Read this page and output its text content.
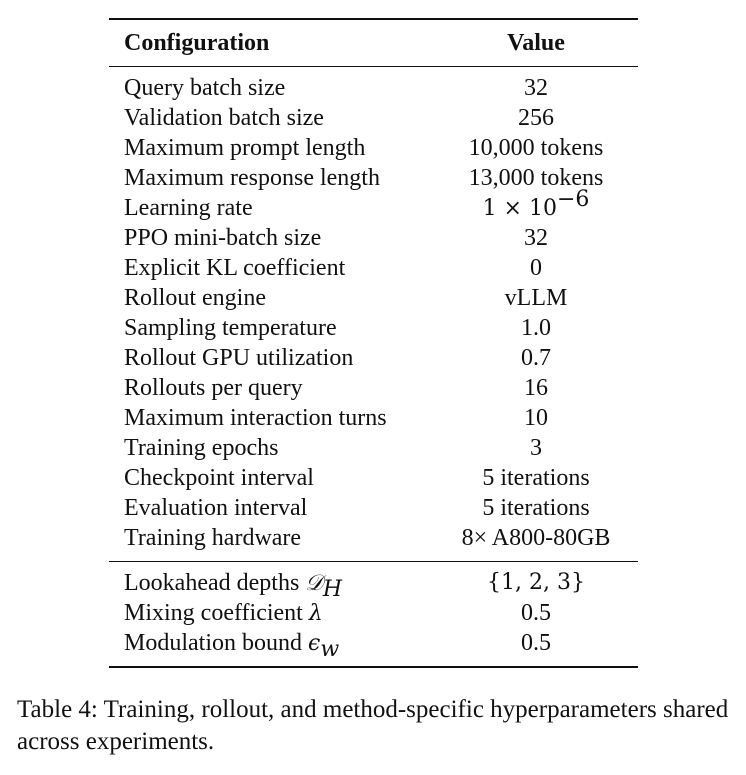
Configuration	Value
Query batch size	32
Validation batch size	256
Maximum prompt length	10,000 tokens
Maximum response length	13,000 tokens
Learning rate	$1 \times 10^{-6}$
PPO mini-batch size	32
Explicit KL coefficient	0
Rollout engine	vLLM
Sampling temperature	1.0
Rollout GPU utilization	0.7
Rollouts per query	16
Maximum interaction turns	10
Training epochs	3
Checkpoint interval	5 iterations
Evaluation interval	5 iterations
Training hardware	8× A800-80GB
Lookahead depths 𝒟$_H$	{1, 2, 3}
Mixing coefficient λ	0.5
Modulation bound $\epsilon_w$	0.5
Table 4: Training, rollout, and method-specific hyperparameters shared across experiments.
